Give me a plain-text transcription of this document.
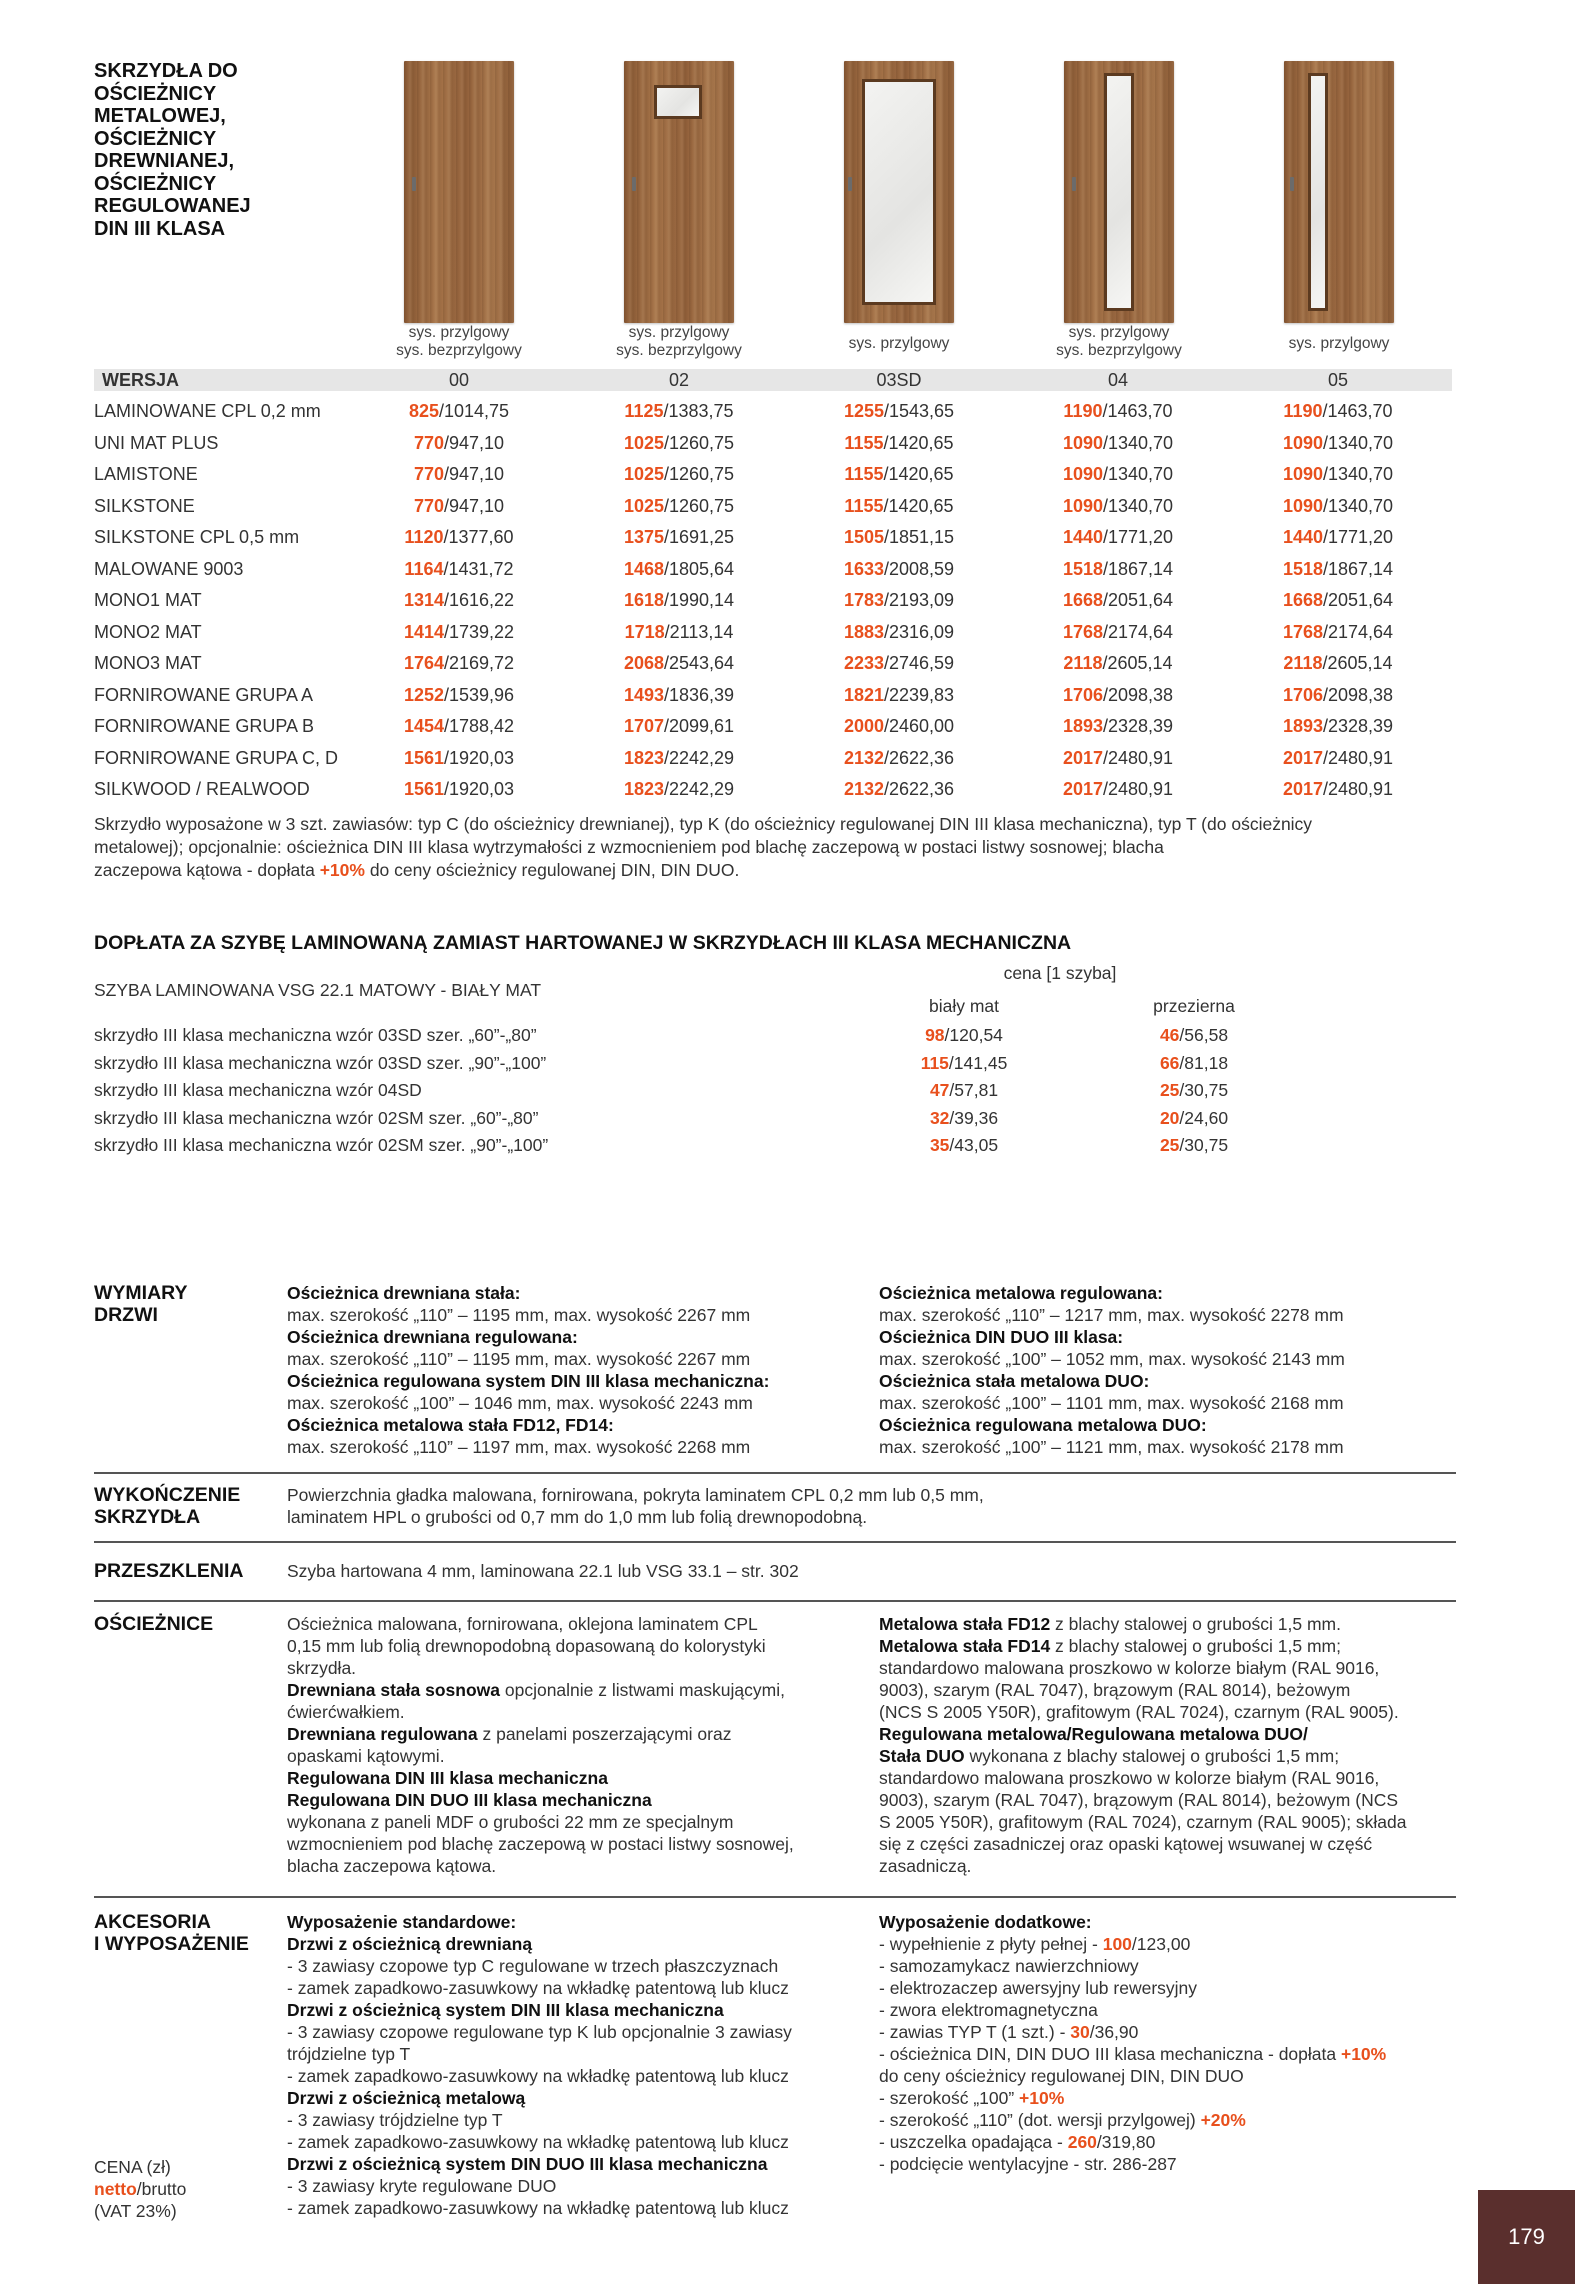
SKRZYDŁA DO
OŚCIEŻNICY
METALOWEJ,
OŚCIEŻNICY
DREWNIANEJ,
OŚCIEŻNICY
REGULOWANEJ
DIN III KLASA
sys. przylgowy
sys. bezprzylgowy
sys. przylgowy
sys. bezprzylgowy	sys. przylgowy
sys. przylgowy
sys. bezprzylgowy	sys. przylgowy
WERSJA	00	02	03SD	04	05
LAMINOWANE CPL 0,2 mm	825/1014,75	1125/1383,75	1255/1543,65	1190/1463,70	1190/1463,70
UNI MAT PLUS	770/947,10	1025/1260,75	1155/1420,65	1090/1340,70	1090/1340,70
LAMISTONE	770/947,10	1025/1260,75	1155/1420,65	1090/1340,70	1090/1340,70
SILKSTONE	770/947,10	1025/1260,75	1155/1420,65	1090/1340,70	1090/1340,70
SILKSTONE CPL 0,5 mm	1120/1377,60	1375/1691,25	1505/1851,15	1440/1771,20	1440/1771,20
MALOWANE 9003	1164/1431,72	1468/1805,64	1633/2008,59	1518/1867,14	1518/1867,14
MONO1 MAT	1314/1616,22	1618/1990,14	1783/2193,09	1668/2051,64	1668/2051,64
MONO2 MAT	1414/1739,22	1718/2113,14	1883/2316,09	1768/2174,64	1768/2174,64
MONO3 MAT	1764/2169,72	2068/2543,64	2233/2746,59	2118/2605,14	2118/2605,14
FORNIROWANE GRUPA A	1252/1539,96	1493/1836,39	1821/2239,83	1706/2098,38	1706/2098,38
FORNIROWANE GRUPA B	1454/1788,42	1707/2099,61	2000/2460,00	1893/2328,39	1893/2328,39
FORNIROWANE GRUPA C, D	1561/1920,03	1823/2242,29	2132/2622,36	2017/2480,91	2017/2480,91
SILKWOOD / REALWOOD	1561/1920,03	1823/2242,29	2132/2622,36	2017/2480,91	2017/2480,91
Skrzydło wyposażone w 3 szt. zawiasów: typ C (do ościeżnicy drewnianej), typ K (do ościeżnicy regulowanej DIN III klasa mechaniczna), typ T (do ościeżnicy
metalowej); opcjonalnie: ościeżnica DIN III klasa wytrzymałości z wzmocnieniem pod blachę zaczepową w postaci listwy sosnowej; blacha
zaczepowa kątowa - dopłata +10% do ceny ościeżnicy regulowanej DIN, DIN DUO.
DOPŁATA ZA SZYBĘ LAMINOWANĄ ZAMIAST HARTOWANEJ W SKRZYDŁACH III KLASA MECHANICZNA
SZYBA LAMINOWANA VSG 22.1 MATOWY - BIAŁY MAT
cena [1 szyba]
biały mat	przezierna
skrzydło III klasa mechaniczna wzór 03SD szer. „60”-„80”	98/120,54	46/56,58
skrzydło III klasa mechaniczna wzór 03SD szer. „90”-„100”	115/141,45	66/81,18
skrzydło III klasa mechaniczna wzór 04SD	47/57,81	25/30,75
skrzydło III klasa mechaniczna wzór 02SM szer. „60”-„80”	32/39,36	20/24,60
skrzydło III klasa mechaniczna wzór 02SM szer. „90”-„100”	35/43,05	25/30,75
WYMIARY
DRZWI
Ościeżnica drewniana stała:
max. szerokość „110” – 1195 mm, max. wysokość 2267 mm
Ościeżnica drewniana regulowana:
max. szerokość „110” – 1195 mm, max. wysokość 2267 mm
Ościeżnica regulowana system DIN III klasa mechaniczna:
max. szerokość „100” – 1046 mm, max. wysokość 2243 mm
Ościeżnica metalowa stała FD12, FD14:
max. szerokość „110” – 1197 mm, max. wysokość 2268 mm
Ościeżnica metalowa regulowana:
max. szerokość „110” – 1217 mm, max. wysokość 2278 mm
Ościeżnica DIN DUO III klasa:
max. szerokość „100” – 1052 mm, max. wysokość 2143 mm
Ościeżnica stała metalowa DUO:
max. szerokość „100” – 1101 mm, max. wysokość 2168 mm
Ościeżnica regulowana metalowa DUO:
max. szerokość „100” – 1121 mm, max. wysokość 2178 mm
WYKOŃCZENIE
SKRZYDŁA
Powierzchnia gładka malowana, fornirowana, pokryta laminatem CPL 0,2 mm lub 0,5 mm,
laminatem HPL o grubości od 0,7 mm do 1,0 mm lub folią drewnopodobną.
PRZESZKLENIA Szyba hartowana 4 mm, laminowana 22.1 lub VSG 33.1 – str. 302
OŚCIEŻNICE	Ościeżnica malowana, fornirowana, oklejona laminatem CPL
0,15 mm lub folią drewnopodobną dopasowaną do kolorystyki
skrzydła.
Drewniana stała sosnowa opcjonalnie z listwami maskującymi,
ćwierćwałkiem.
Drewniana regulowana z panelami poszerzającymi oraz
opaskami kątowymi.
Regulowana DIN III klasa mechaniczna
Regulowana DIN DUO III klasa mechaniczna
wykonana z paneli MDF o grubości 22 mm ze specjalnym
wzmocnieniem pod blachę zaczepową w postaci listwy sosnowej,
blacha zaczepowa kątowa.
Metalowa stała FD12 z blachy stalowej o grubości 1,5 mm.
Metalowa stała FD14 z blachy stalowej o grubości 1,5 mm;
standardowo malowana proszkowo w kolorze białym (RAL 9016,
9003), szarym (RAL 7047), brązowym (RAL 8014), beżowym
(NCS S 2005 Y50R), grafitowym (RAL 7024), czarnym (RAL 9005).
Regulowana metalowa/Regulowana metalowa DUO/
Stała DUO wykonana z blachy stalowej o grubości 1,5 mm;
standardowo malowana proszkowo w kolorze białym (RAL 9016,
9003), szarym (RAL 7047), brązowym (RAL 8014), beżowym (NCS
S 2005 Y50R), grafitowym (RAL 7024), czarnym (RAL 9005); składa
się z części zasadniczej oraz opaski kątowej wsuwanej w część
zasadniczą.
AKCESORIA
I WYPOSAŻENIE
Wyposażenie standardowe:
Drzwi z ościeżnicą drewnianą
- 3 zawiasy czopowe typ C regulowane w trzech płaszczyznach
- zamek zapadkowo-zasuwkowy na wkładkę patentową lub klucz
Drzwi z ościeżnicą system DIN III klasa mechaniczna
- 3 zawiasy czopowe regulowane typ K lub opcjonalnie 3 zawiasy
trójdzielne typ T
- zamek zapadkowo-zasuwkowy na wkładkę patentową lub klucz
Drzwi z ościeżnicą metalową
- 3 zawiasy trójdzielne typ T
- zamek zapadkowo-zasuwkowy na wkładkę patentową lub klucz
Drzwi z ościeżnicą system DIN DUO III klasa mechaniczna
- 3 zawiasy kryte regulowane DUO
- zamek zapadkowo-zasuwkowy na wkładkę patentową lub klucz
Wyposażenie dodatkowe:
- wypełnienie z płyty pełnej - 100/123,00
- samozamykacz nawierzchniowy
- elektrozaczep awersyjny lub rewersyjny
- zwora elektromagnetyczna
- zawias TYP T (1 szt.) - 30/36,90
- ościeżnica DIN, DIN DUO III klasa mechaniczna - dopłata +10%
do ceny ościeżnicy regulowanej DIN, DIN DUO
- szerokość „100” +10%
- szerokość „110” (dot. wersji przylgowej) +20%
- uszczelka opadająca - 260/319,80
- podcięcie wentylacyjne - str. 286-287
CENA (zł)
netto/brutto
(VAT 23%)
179
